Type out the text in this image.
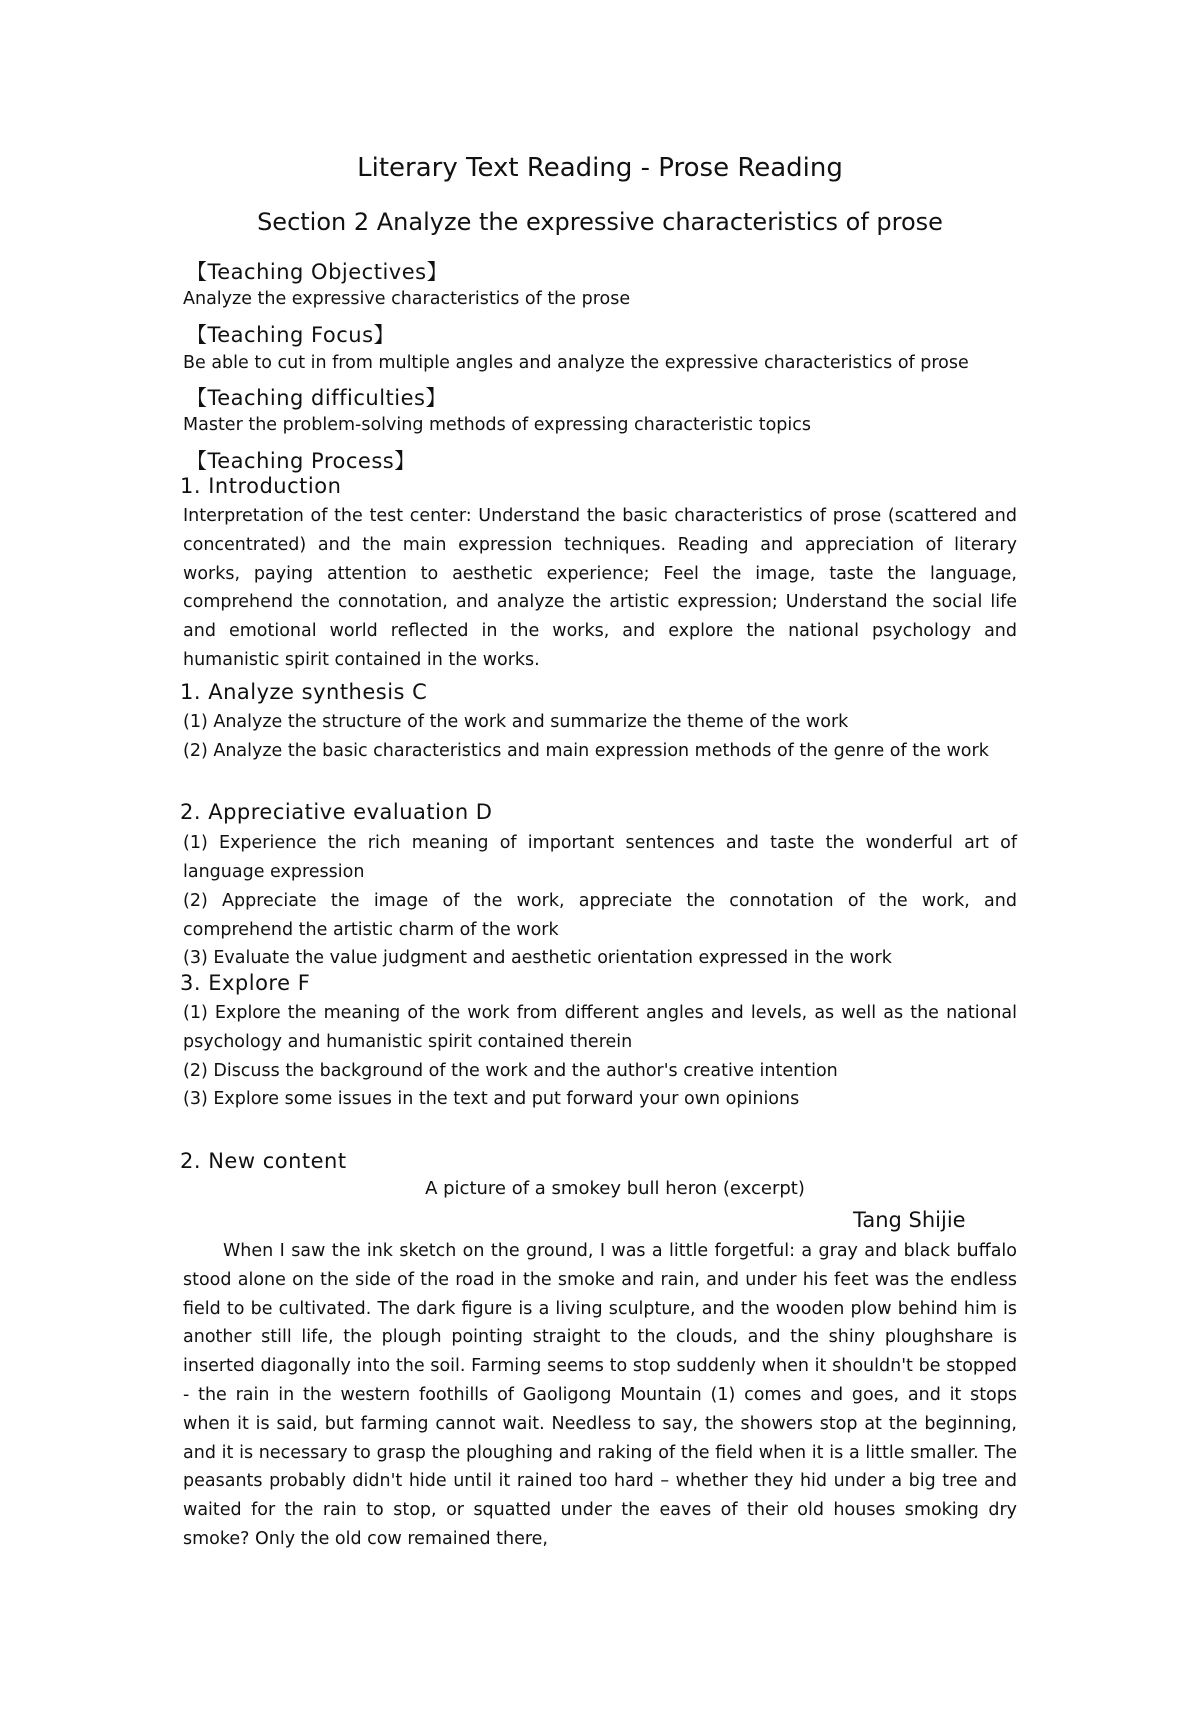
Literary Text Reading - Prose Reading
Section 2 Analyze the expressive characteristics of prose
【Teaching Objectives】
Analyze the expressive characteristics of the prose
【Teaching Focus】
Be able to cut in from multiple angles and analyze the expressive characteristics of prose
【Teaching difficulties】
Master the problem-solving methods of expressing characteristic topics
【Teaching Process】
1. Introduction
Interpretation of the test center: Understand the basic characteristics of prose (scattered and concentrated) and the main expression techniques. Reading and appreciation of literary works, paying attention to aesthetic experience; Feel the image, taste the language, comprehend the connotation, and analyze the artistic expression; Understand the social life and emotional world reflected in the works, and explore the national psychology and humanistic spirit contained in the works.
1. Analyze synthesis C
(1) Analyze the structure of the work and summarize the theme of the work
(2) Analyze the basic characteristics and main expression methods of the genre of the work
2. Appreciative evaluation D
(1) Experience the rich meaning of important sentences and taste the wonderful art of language expression
(2) Appreciate the image of the work, appreciate the connotation of the work, and comprehend the artistic charm of the work
(3) Evaluate the value judgment and aesthetic orientation expressed in the work
3. Explore F
(1) Explore the meaning of the work from different angles and levels, as well as the national psychology and humanistic spirit contained therein
(2) Discuss the background of the work and the author's creative intention
(3) Explore some issues in the text and put forward your own opinions
2. New content
A picture of a smokey bull heron (excerpt)
Tang Shijie
When I saw the ink sketch on the ground, I was a little forgetful: a gray and black buffalo stood alone on the side of the road in the smoke and rain, and under his feet was the endless field to be cultivated. The dark figure is a living sculpture, and the wooden plow behind him is another still life, the plough pointing straight to the clouds, and the shiny ploughshare is inserted diagonally into the soil. Farming seems to stop suddenly when it shouldn't be stopped - the rain in the western foothills of Gaoligong Mountain (1) comes and goes, and it stops when it is said, but farming cannot wait. Needless to say, the showers stop at the beginning, and it is necessary to grasp the ploughing and raking of the field when it is a little smaller. The peasants probably didn't hide until it rained too hard – whether they hid under a big tree and waited for the rain to stop, or squatted under the eaves of their old houses smoking dry smoke? Only the old cow remained there,
